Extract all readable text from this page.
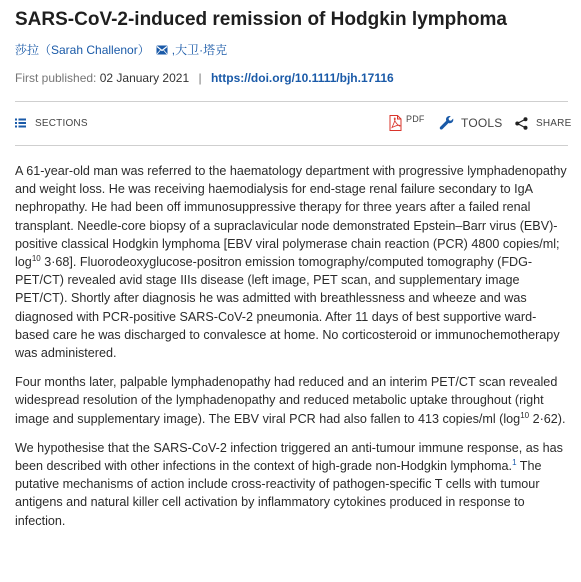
SARS-CoV-2-induced remission of Hodgkin lymphoma
莎拉（Sarah Challenor） , 大卫·塔克
First published: 02 January 2021 | https://doi.org/10.1111/bjh.17116
SECTIONS	PDF	TOOLS	SHARE

A 61-year-old man was referred to the haematology department with progressive lymphadenopathy and weight loss. He was receiving haemodialysis for end-stage renal failure secondary to IgA nephropathy. He had been off immunosuppressive therapy for three years after a failed renal transplant. Needle-core biopsy of a supraclavicular node demonstrated Epstein–Barr virus (EBV)-positive classical Hodgkin lymphoma [EBV viral polymerase chain reaction (PCR) 4800 copies/ml; $\log^{10} 3\cdot 68$]. Fluorodeoxyglucose-positron emission tomography/computed tomography (FDG-PET/CT) revealed avid stage IIIs disease (left image, PET scan, and supplementary image PET/CT). Shortly after diagnosis he was admitted with breathlessness and wheeze and was diagnosed with PCR-positive SARS-CoV-2 pneumonia. After 11 days of best supportive ward-based care he was discharged to convalesce at home. No corticosteroid or immunochemotherapy was administered.

Four months later, palpable lymphadenopathy had reduced and an interim PET/CT scan revealed widespread resolution of the lymphadenopathy and reduced metabolic uptake throughout (right image and supplementary image). The EBV viral PCR had also fallen to 413 copies/ml ($\log^{10}$ 2·62).

We hypothesise that the SARS-CoV-2 infection triggered an anti-tumour immune response, as has been described with other infections in the context of high-grade non-Hodgkin lymphoma.$^1$ The putative mechanisms of action include cross-reactivity of pathogen-specific T cells with tumour antigens and natural killer cell activation by inflammatory cytokines produced in response to infection.
